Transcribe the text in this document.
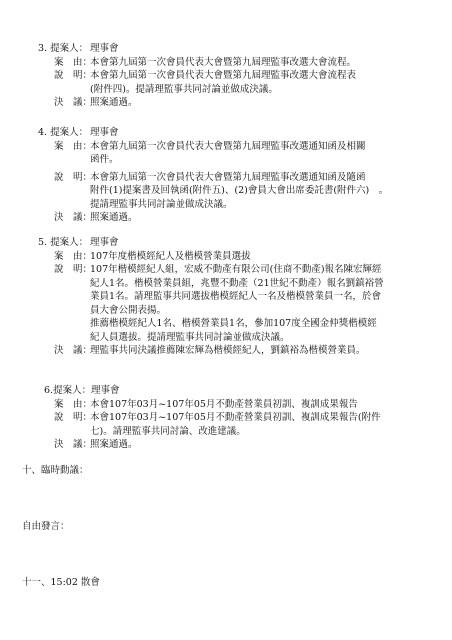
3. 提案人： 理事會
案　由：
本會第九屆第一次會員代表大會暨第九屆理監事改選大會流程。
說　明：
本會第九屆第一次會員代表大會暨第九屆理監事改選大會流程表
(附件四)。提請理監事共同討論並做成決議。
決　議：
照案通過。
4. 提案人： 理事會
案　由：
本會第九屆第一次會員代表大會暨第九屆理監事改選通知函及相關
函件。
說　明：
本會第九屆第一次會員代表大會暨第九屆理監事改選通知函及隨函
附件(1)提案書及回執函(附件五)、(2)會員大會出席委託書(附件六)　。
提請理監事共同討論並做成決議。
決　議：
照案通過。
5. 提案人： 理事會
案　由：
107年度楷模經紀人及楷模營業員選拔
說　明：
107年楷模經紀人組，宏威不動產有限公司(住商不動產)報名陳宏輝經
紀人1名。楷模營業員組，兆豐不動產（21世紀不動產）報名劉鎮裕營
業員1名。請理監事共同選拔楷模經紀人一名及楷模營業員一名，於會
員大會公開表揚。
推薦楷模經紀人1名、楷模營業員1名，參加107度全國金仲獎楷模經
紀人員選拔。提請理監事共同討論並做成決議。
決　議：
理監事共同決議推薦陳宏輝為楷模經紀人，劉鎮裕為楷模營業員。
6.提案人： 理事會
案　由：
本會107年03月~107年05月不動產營業員初訓、複訓成果報告
說　明：
本會107年03月~107年05月不動產營業員初訓、複訓成果報告(附件
七)。請理監事共同討論、改進建議。
決　議：
照案通過。
十、臨時動議：
自由發言：
十一、15:02 散會
